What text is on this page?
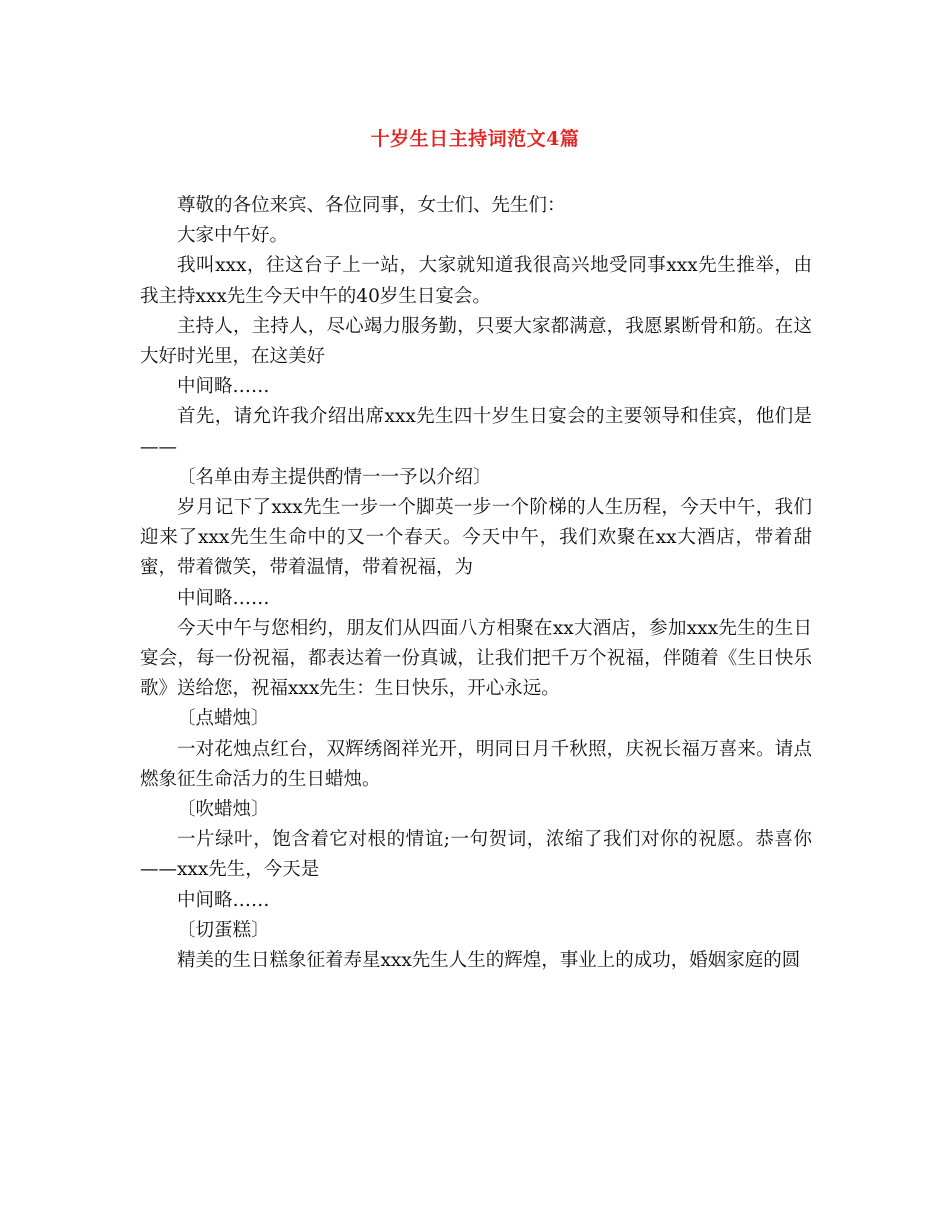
十岁生日主持词范文4篇

尊敬的各位来宾、各位同事，女士们、先生们：

大家中午好。

我叫xxx，往这台子上一站，大家就知道我很高兴地受同事xxx先生推举，由我主持xxx先生今天中午的40岁生日宴会。

主持人，主持人，尽心竭力服务勤，只要大家都满意，我愿累断骨和筋。在这大好时光里，在这美好

中间略……

首先，请允许我介绍出席xxx先生四十岁生日宴会的主要领导和佳宾，他们是——

〔名单由寿主提供酌情一一予以介绍〕

岁月记下了xxx先生一步一个脚英一步一个阶梯的人生历程，今天中午，我们迎来了xxx先生生命中的又一个春天。今天中午，我们欢聚在xx大酒店，带着甜蜜，带着微笑，带着温情，带着祝福，为

中间略……

今天中午与您相约，朋友们从四面八方相聚在xx大酒店，参加xxx先生的生日宴会，每一份祝福，都表达着一份真诚，让我们把千万个祝福，伴随着《生日快乐歌》送给您，祝福xxx先生：生日快乐，开心永远。

〔点蜡烛〕

一对花烛点红台，双辉绣阁祥光开，明同日月千秋照，庆祝长福万喜来。请点燃象征生命活力的生日蜡烛。

〔吹蜡烛〕

一片绿叶，饱含着它对根的情谊;一句贺词，浓缩了我们对你的祝愿。恭喜你——xxx先生，今天是

中间略……

〔切蛋糕〕

精美的生日糕象征着寿星xxx先生人生的辉煌，事业上的成功，婚姻家庭的圆
